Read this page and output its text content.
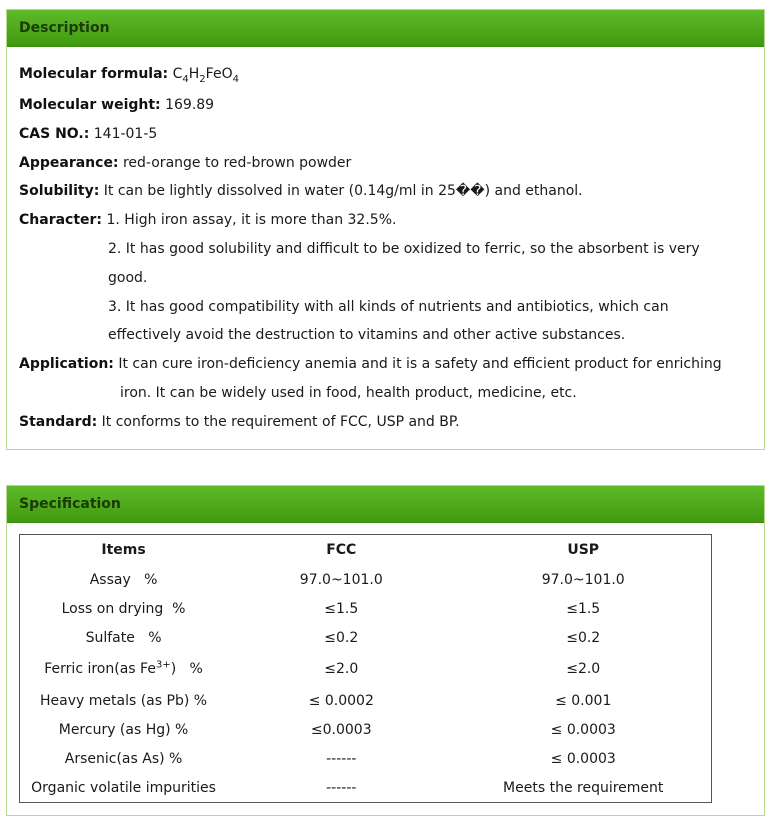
Description
Molecular formula: $C_4H_2FeO_4$
Molecular weight: 169.89
CAS NO.: 141-01-5
Appearance: red-orange to red-brown powder
Solubility: It can be lightly dissolved in water (0.14g/ml in 25��) and ethanol.
Character: 1. High iron assay, it is more than 32.5%.
2. It has good solubility and difficult to be oxidized to ferric, so the absorbent is very
good.
3. It has good compatibility with all kinds of nutrients and antibiotics, which can
effectively avoid the destruction to vitamins and other active substances.
Application: It can cure iron-deficiency anemia and it is a safety and efficient product for enriching
iron. It can be widely used in food, health product, medicine, etc.
Standard: It conforms to the requirement of FCC, USP and BP.
Specification
Items	FCC	USP
Assay   %	97.0~101.0	97.0~101.0
Loss on drying  %	≤1.5	≤1.5
Sulfate   %	≤0.2	≤0.2
Ferric iron(as $Fe^{3+}$)   %	≤2.0	≤2.0
Heavy metals (as Pb) %	≤ 0.0002	≤ 0.001
Mercury (as Hg) %	≤0.0003	≤ 0.0003
Arsenic(as As) %	------	≤ 0.0003
Organic volatile impurities	------	Meets the requirement
